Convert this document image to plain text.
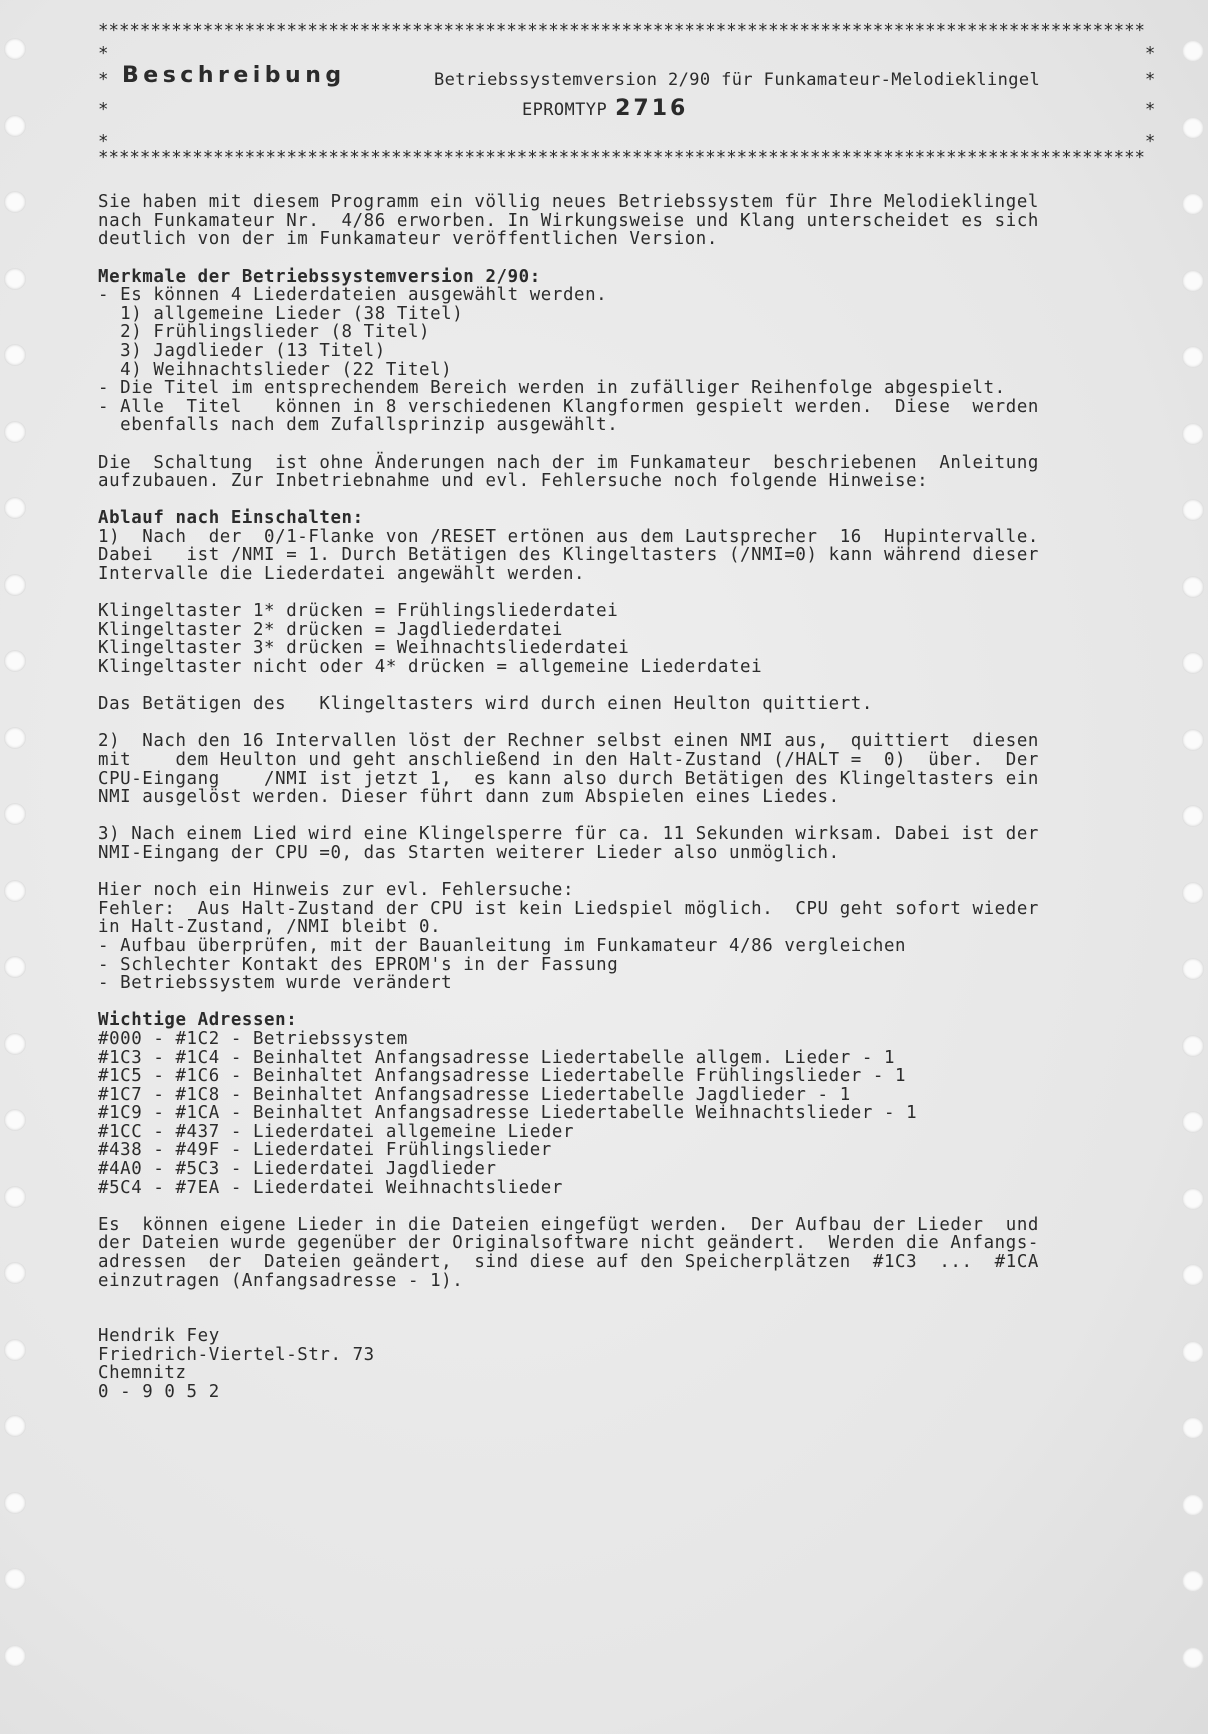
****************************************************************************************************

*

	*

*

Beschreibung

	Betriebssystemversion 2/90 für Funkamateur-Melodieklingel

	*

*

	EPROMTYP 2716

	*

*

	*

****************************************************************************************************
Sie haben mit diesem Programm ein völlig neues Betriebssystem für Ihre Melodieklingel
nach Funkamateur Nr.  4/86 erworben. In Wirkungsweise und Klang unterscheidet es sich
deutlich von der im Funkamateur veröffentlichen Version.
Merkmale der Betriebssystemversion 2/90:
- Es können 4 Liederdateien ausgewählt werden.
1) allgemeine Lieder (38 Titel)
2) Frühlingslieder (8 Titel)
3) Jagdlieder (13 Titel)
4) Weihnachtslieder (22 Titel)
- Die Titel im entsprechendem Bereich werden in zufälliger Reihenfolge abgespielt.
- Alle  Titel   können in 8 verschiedenen Klangformen gespielt werden.  Diese  werden
ebenfalls nach dem Zufallsprinzip ausgewählt.
Die  Schaltung  ist ohne Änderungen nach der im Funkamateur  beschriebenen  Anleitung
aufzubauen. Zur Inbetriebnahme und evl. Fehlersuche noch folgende Hinweise:
Ablauf nach Einschalten:
1)  Nach  der  0/1-Flanke von /RESET ertönen aus dem Lautsprecher  16  Hupintervalle.
Dabei   ist /NMI = 1. Durch Betätigen des Klingeltasters (/NMI=0) kann während dieser
Intervalle die Liederdatei angewählt werden.
Klingeltaster 1* drücken = Frühlingsliederdatei
Klingeltaster 2* drücken = Jagdliederdatei
Klingeltaster 3* drücken = Weihnachtsliederdatei
Klingeltaster nicht oder 4* drücken = allgemeine Liederdatei
Das Betätigen des   Klingeltasters wird durch einen Heulton quittiert.
2)  Nach den 16 Intervallen löst der Rechner selbst einen NMI aus,  quittiert  diesen
mit    dem Heulton und geht anschließend in den Halt-Zustand (/HALT =  0)  über.  Der
CPU-Eingang    /NMI ist jetzt 1,  es kann also durch Betätigen des Klingeltasters ein
NMI ausgelöst werden. Dieser führt dann zum Abspielen eines Liedes.
3) Nach einem Lied wird eine Klingelsperre für ca. 11 Sekunden wirksam. Dabei ist der
NMI-Eingang der CPU =0, das Starten weiterer Lieder also unmöglich.
Hier noch ein Hinweis zur evl. Fehlersuche:
Fehler:  Aus Halt-Zustand der CPU ist kein Liedspiel möglich.  CPU geht sofort wieder
in Halt-Zustand, /NMI bleibt 0.
- Aufbau überprüfen, mit der Bauanleitung im Funkamateur 4/86 vergleichen
- Schlechter Kontakt des EPROM's in der Fassung
- Betriebssystem wurde verändert
Wichtige Adressen:
#000 - #1C2 - Betriebssystem
#1C3 - #1C4 - Beinhaltet Anfangsadresse Liedertabelle allgem. Lieder - 1
#1C5 - #1C6 - Beinhaltet Anfangsadresse Liedertabelle Frühlingslieder - 1
#1C7 - #1C8 - Beinhaltet Anfangsadresse Liedertabelle Jagdlieder - 1
#1C9 - #1CA - Beinhaltet Anfangsadresse Liedertabelle Weihnachtslieder - 1
#1CC - #437 - Liederdatei allgemeine Lieder
#438 - #49F - Liederdatei Frühlingslieder
#4A0 - #5C3 - Liederdatei Jagdlieder
#5C4 - #7EA - Liederdatei Weihnachtslieder
Es  können eigene Lieder in die Dateien eingefügt werden.  Der Aufbau der Lieder  und
der Dateien wurde gegenüber der Originalsoftware nicht geändert.  Werden die Anfangs-
adressen  der  Dateien geändert,  sind diese auf den Speicherplätzen  #1C3  ...  #1CA
einzutragen (Anfangsadresse - 1).
Hendrik Fey
Friedrich-Viertel-Str. 73
Chemnitz
0 - 9 0 5 2
